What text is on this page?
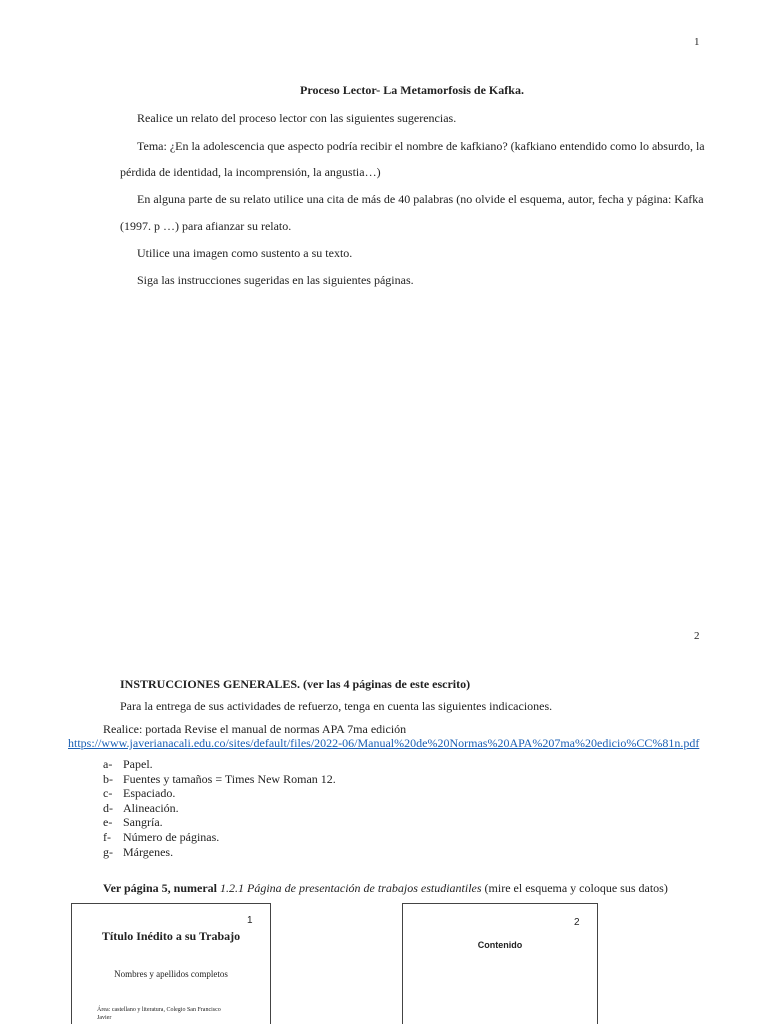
1
Proceso Lector- La Metamorfosis de Kafka.
Realice un relato del proceso lector con las siguientes sugerencias.
Tema: ¿En la adolescencia que aspecto podría recibir el nombre de kafkiano? (kafkiano entendido como lo absurdo, la
pérdida de identidad, la incomprensión, la angustia…)
En alguna parte de su relato utilice una cita de más de 40 palabras (no olvide el esquema, autor, fecha y página: Kafka
(1997. p …) para afianzar su relato.
Utilice una imagen como sustento a su texto.
Siga las instrucciones sugeridas en las siguientes páginas.
2
INSTRUCCIONES GENERALES. (ver las 4 páginas de este escrito)
Para la entrega de sus actividades de refuerzo, tenga en cuenta las siguientes indicaciones.
Realice: portada Revise el manual de normas APA 7ma edición
https://www.javerianacali.edu.co/sites/default/files/2022-06/Manual%20de%20Normas%20APA%207ma%20edicio%CC%81n.pdf
a- Papel.
b- Fuentes y tamaños = Times New Roman 12.
c- Espaciado.
d- Alineación.
e- Sangría.
f- Número de páginas.
g- Márgenes.
Ver página 5, numeral 1.2.1 Página de presentación de trabajos estudiantiles (mire el esquema y coloque sus datos)
1
Título Inédito a su Trabajo
Nombres y apellidos completos
Área: castellano y literatura, Colegio San Francisco
Javier
2
Contenido
